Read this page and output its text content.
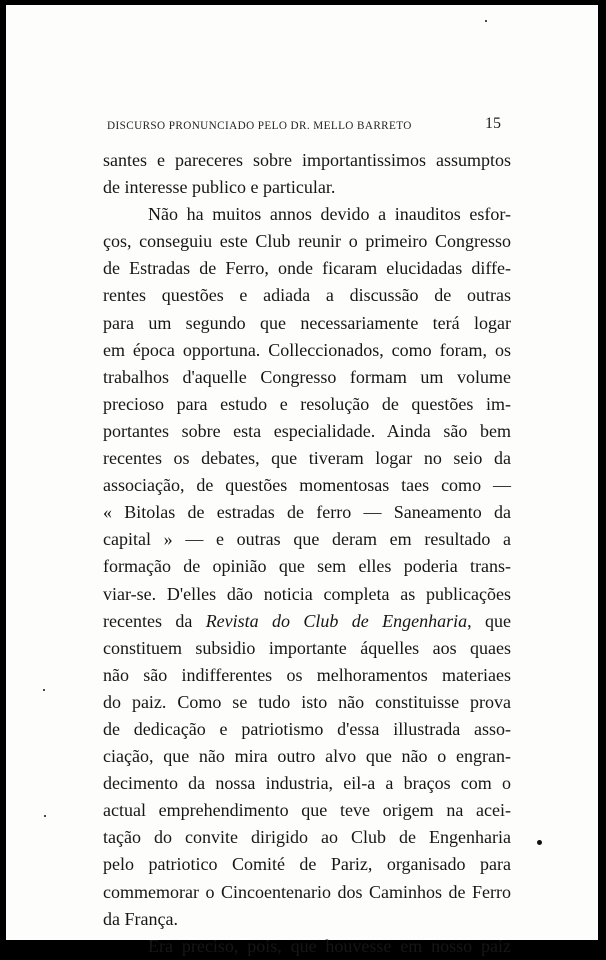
DISCURSO PRONUNCIADO PELO DR. MELLO BARRETO	15
santes e pareceres sobre importantissimos assumptos
de interesse publico e particular.
Não ha muitos annos devido a inauditos esfor-
ços, conseguiu este Club reunir o primeiro Congresso
de Estradas de Ferro, onde ficaram elucidadas diffe-
rentes questões e adiada a discussão de outras
para um segundo que necessariamente terá logar
em época opportuna. Colleccionados, como foram, os
trabalhos d'aquelle Congresso formam um volume
precioso para estudo e resolução de questões im-
portantes sobre esta especialidade. Ainda são bem
recentes os debates, que tiveram logar no seio da
associação, de questões momentosas taes como —
« Bitolas de estradas de ferro — Saneamento da
capital » — e outras que deram em resultado a
formação de opinião que sem elles poderia trans-
viar-se. D'elles dão noticia completa as publicações
recentes da Revista do Club de Engenharia, que
constituem subsidio importante áquelles aos quaes
não são indifferentes os melhoramentos materiaes
do paiz. Como se tudo isto não constituisse prova
de dedicação e patriotismo d'essa illustrada asso-
ciação, que não mira outro alvo que não o engran-
decimento da nossa industria, eil-a a braços com o
actual emprehendimento que teve origem na acei-
tação do convite dirigido ao Club de Engenharia
pelo patriotico Comité de Pariz, organisado para
commemorar o Cincoentenario dos Caminhos de Ferro
da França.
Era preciso, pois, que houvesse em nosso paiz
